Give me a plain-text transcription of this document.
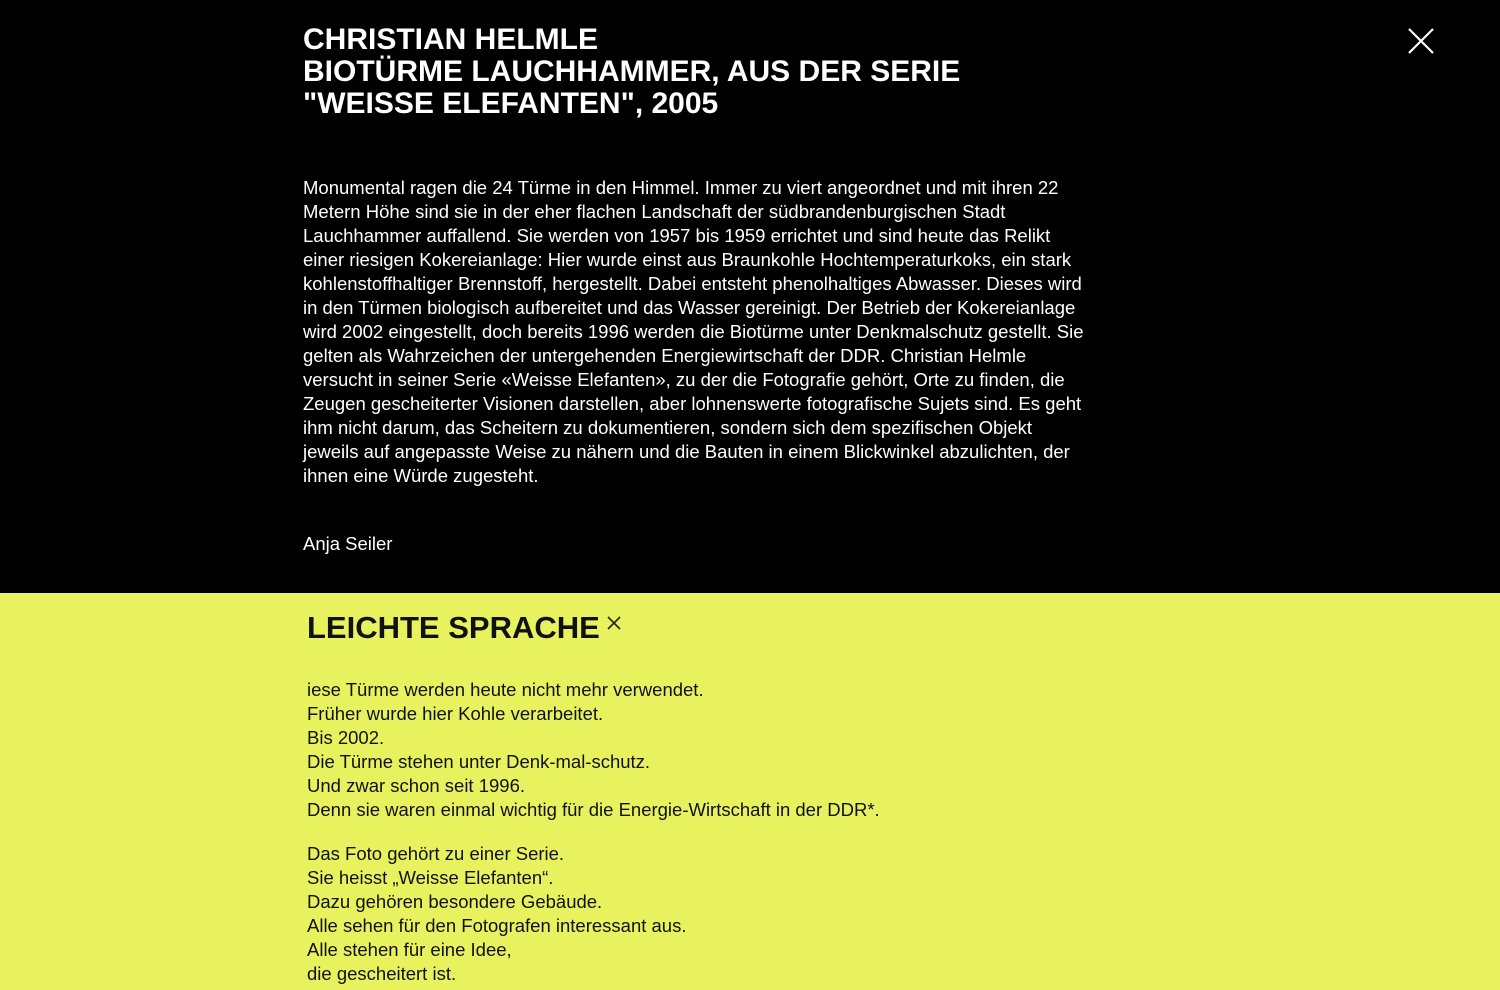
CHRISTIAN HELMLE
BIOTÜRME LAUCHHAMMER, AUS DER SERIE
"WEISSE ELEFANTEN", 2005

Monumental ragen die 24 Türme in den Himmel. Immer zu viert angeordnet und mit ihren 22 Metern Höhe sind sie in der eher flachen Landschaft der südbrandenburgischen Stadt Lauchhammer auffallend. Sie werden von 1957 bis 1959 errichtet und sind heute das Relikt einer riesigen Kokereianlage: Hier wurde einst aus Braunkohle Hochtemperaturkoks, ein stark kohlenstoffhaltiger Brennstoff, hergestellt. Dabei entsteht phenolhaltiges Abwasser. Dieses wird in den Türmen biologisch aufbereitet und das Wasser gereinigt. Der Betrieb der Kokereianlage wird 2002 eingestellt, doch bereits 1996 werden die Biotürme unter Denkmalschutz gestellt. Sie gelten als Wahrzeichen der untergehenden Energiewirtschaft der DDR. Christian Helmle versucht in seiner Serie «Weisse Elefanten», zu der die Fotografie gehört, Orte zu finden, die Zeugen gescheiterter Visionen darstellen, aber lohnenswerte fotografische Sujets sind. Es geht ihm nicht darum, das Scheitern zu dokumentieren, sondern sich dem spezifischen Objekt jeweils auf angepasste Weise zu nähern und die Bauten in einem Blickwinkel abzulichten, der ihnen eine Würde zugesteht.

Anja Seiler

LEICHTE SPRACHE

iese Türme werden heute nicht mehr verwendet.
Früher wurde hier Kohle verarbeitet.
Bis 2002.
Die Türme stehen unter Denk-mal-schutz.
Und zwar schon seit 1996.
Denn sie waren einmal wichtig für die Energie-Wirtschaft in der DDR*.

Das Foto gehört zu einer Serie.
Sie heisst „Weisse Elefanten“.
Dazu gehören besondere Gebäude.
Alle sehen für den Fotografen interessant aus.
Alle stehen für eine Idee,
die gescheitert ist.
